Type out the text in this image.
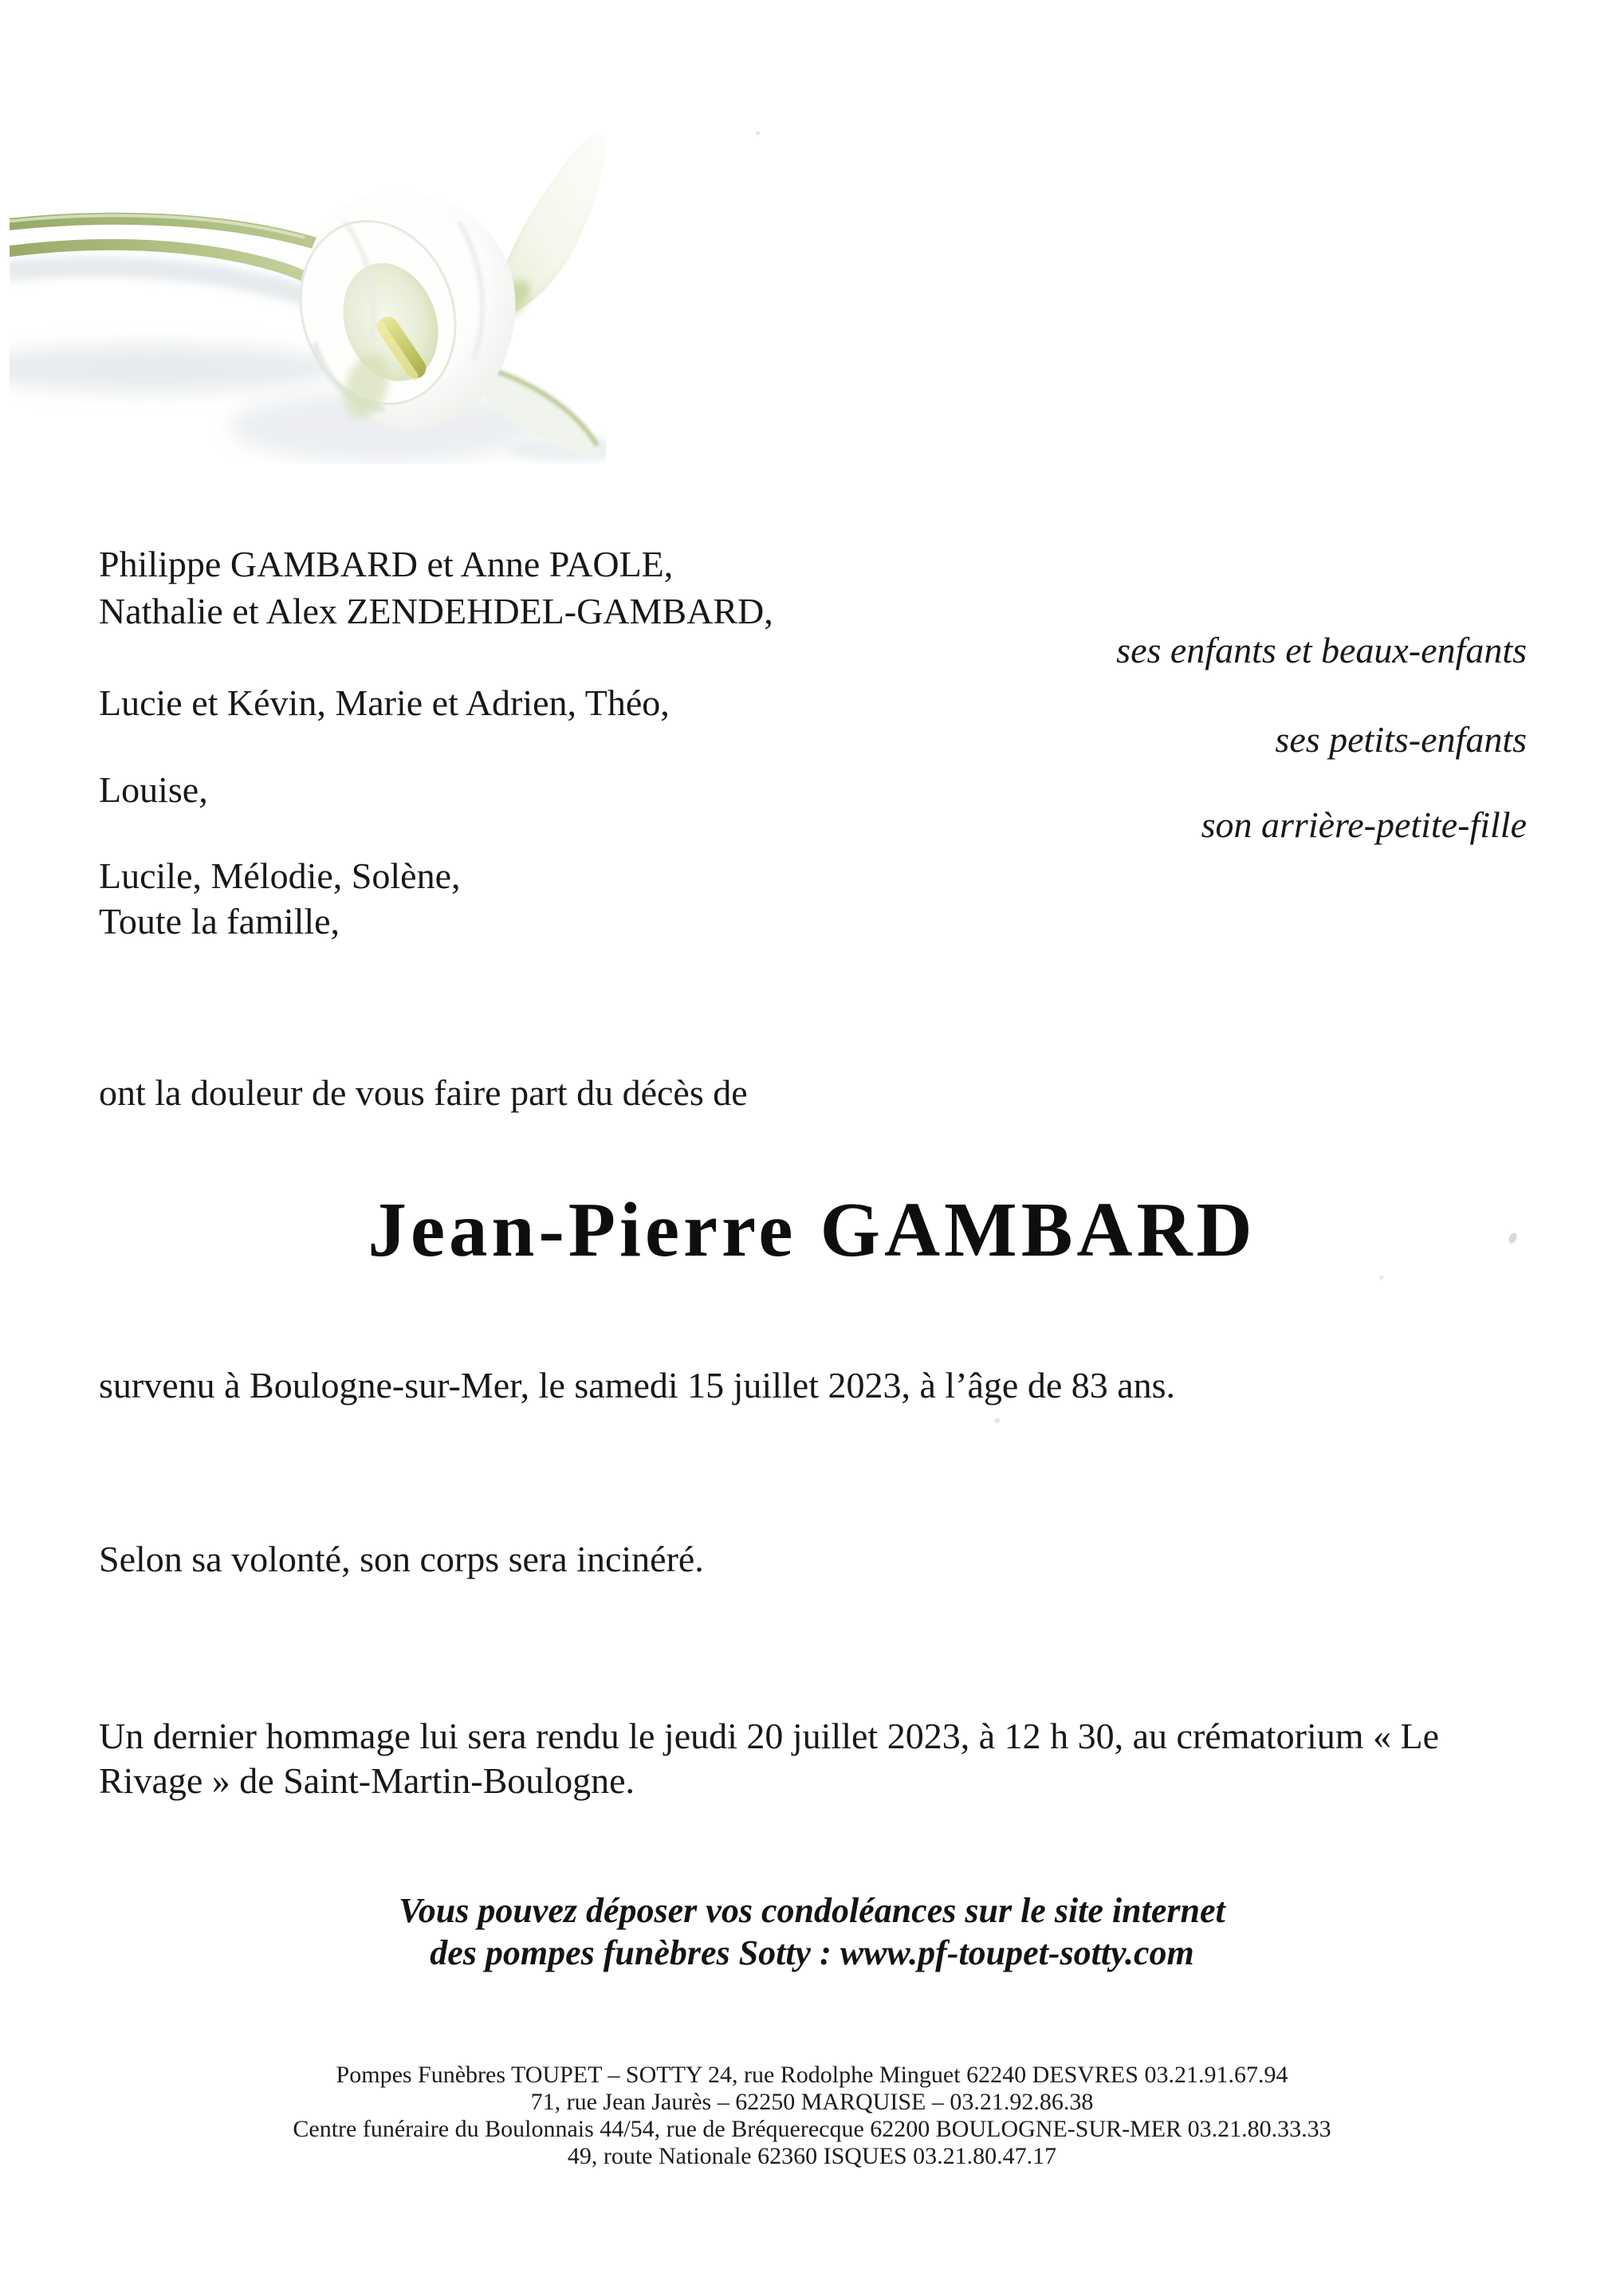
Philippe GAMBARD et Anne PAOLE,
Nathalie et Alex ZENDEHDEL-GAMBARD,
Lucie et Kévin, Marie et Adrien, Théo,
Louise,
Lucile, Mélodie, Solène,
Toute la famille,
ses enfants et beaux-enfants
ses petits-enfants
son arrière-petite-fille
ont la douleur de vous faire part du décès de
Jean-Pierre GAMBARD
survenu à Boulogne-sur-Mer, le samedi 15 juillet 2023, à l’âge de 83 ans.
Selon sa volonté, son corps sera incinéré.
Un dernier hommage lui sera rendu le jeudi 20 juillet 2023, à 12 h 30, au crématorium « Le Rivage » de Saint-Martin-Boulogne.
Vous pouvez déposer vos condoléances sur le site internet
des pompes funèbres Sotty : www.pf-toupet-sotty.com
Pompes Funèbres TOUPET – SOTTY 24, rue Rodolphe Minguet 62240 DESVRES 03.21.91.67.94
71, rue Jean Jaurès – 62250 MARQUISE – 03.21.92.86.38
Centre funéraire du Boulonnais 44/54, rue de Bréquerecque 62200 BOULOGNE-SUR-MER 03.21.80.33.33
49, route Nationale 62360 ISQUES 03.21.80.47.17
